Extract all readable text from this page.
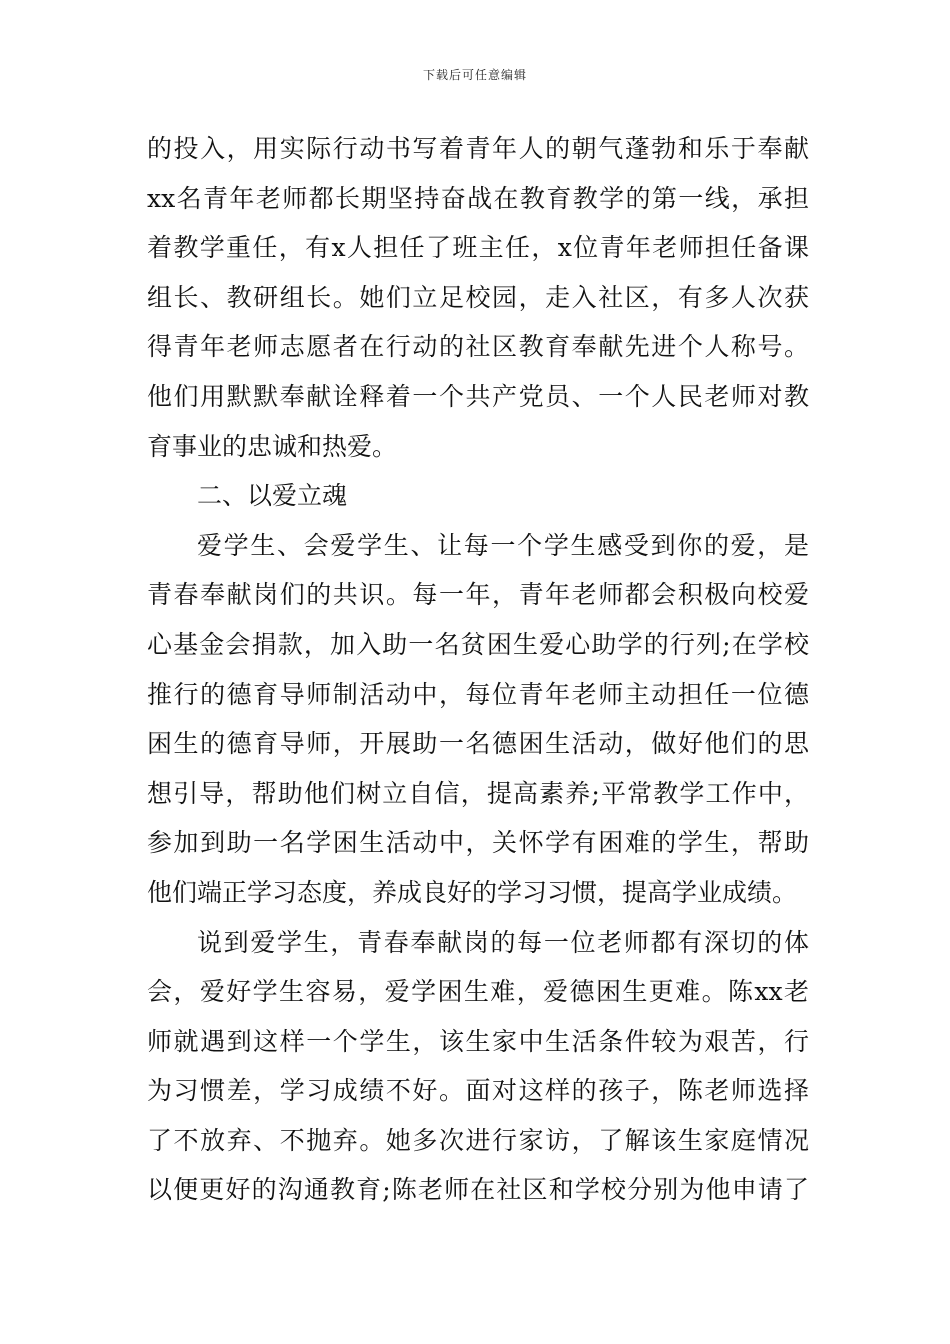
下载后可任意编辑
的投入，用实际行动书写着青年人的朝气蓬勃和乐于奉献
xx名青年老师都长期坚持奋战在教育教学的第一线，承担
着教学重任，有x人担任了班主任，x位青年老师担任备课
组长、教研组长。她们立足校园，走入社区，有多人次获
得青年老师志愿者在行动的社区教育奉献先进个人称号。
他们用默默奉献诠释着一个共产党员、一个人民老师对教
育事业的忠诚和热爱。
二、以爱立魂
爱学生、会爱学生、让每一个学生感受到你的爱，是
青春奉献岗们的共识。每一年，青年老师都会积极向校爱
心基金会捐款，加入助一名贫困生爱心助学的行列;在学校
推行的德育导师制活动中，每位青年老师主动担任一位德
困生的德育导师，开展助一名德困生活动，做好他们的思
想引导，帮助他们树立自信，提高素养;平常教学工作中，
参加到助一名学困生活动中，关怀学有困难的学生，帮助
他们端正学习态度，养成良好的学习习惯，提高学业成绩。
说到爱学生，青春奉献岗的每一位老师都有深切的体
会，爱好学生容易，爱学困生难，爱德困生更难。陈xx老
师就遇到这样一个学生，该生家中生活条件较为艰苦，行
为习惯差，学习成绩不好。面对这样的孩子，陈老师选择
了不放弃、不抛弃。她多次进行家访，了解该生家庭情况
以便更好的沟通教育;陈老师在社区和学校分别为他申请了
